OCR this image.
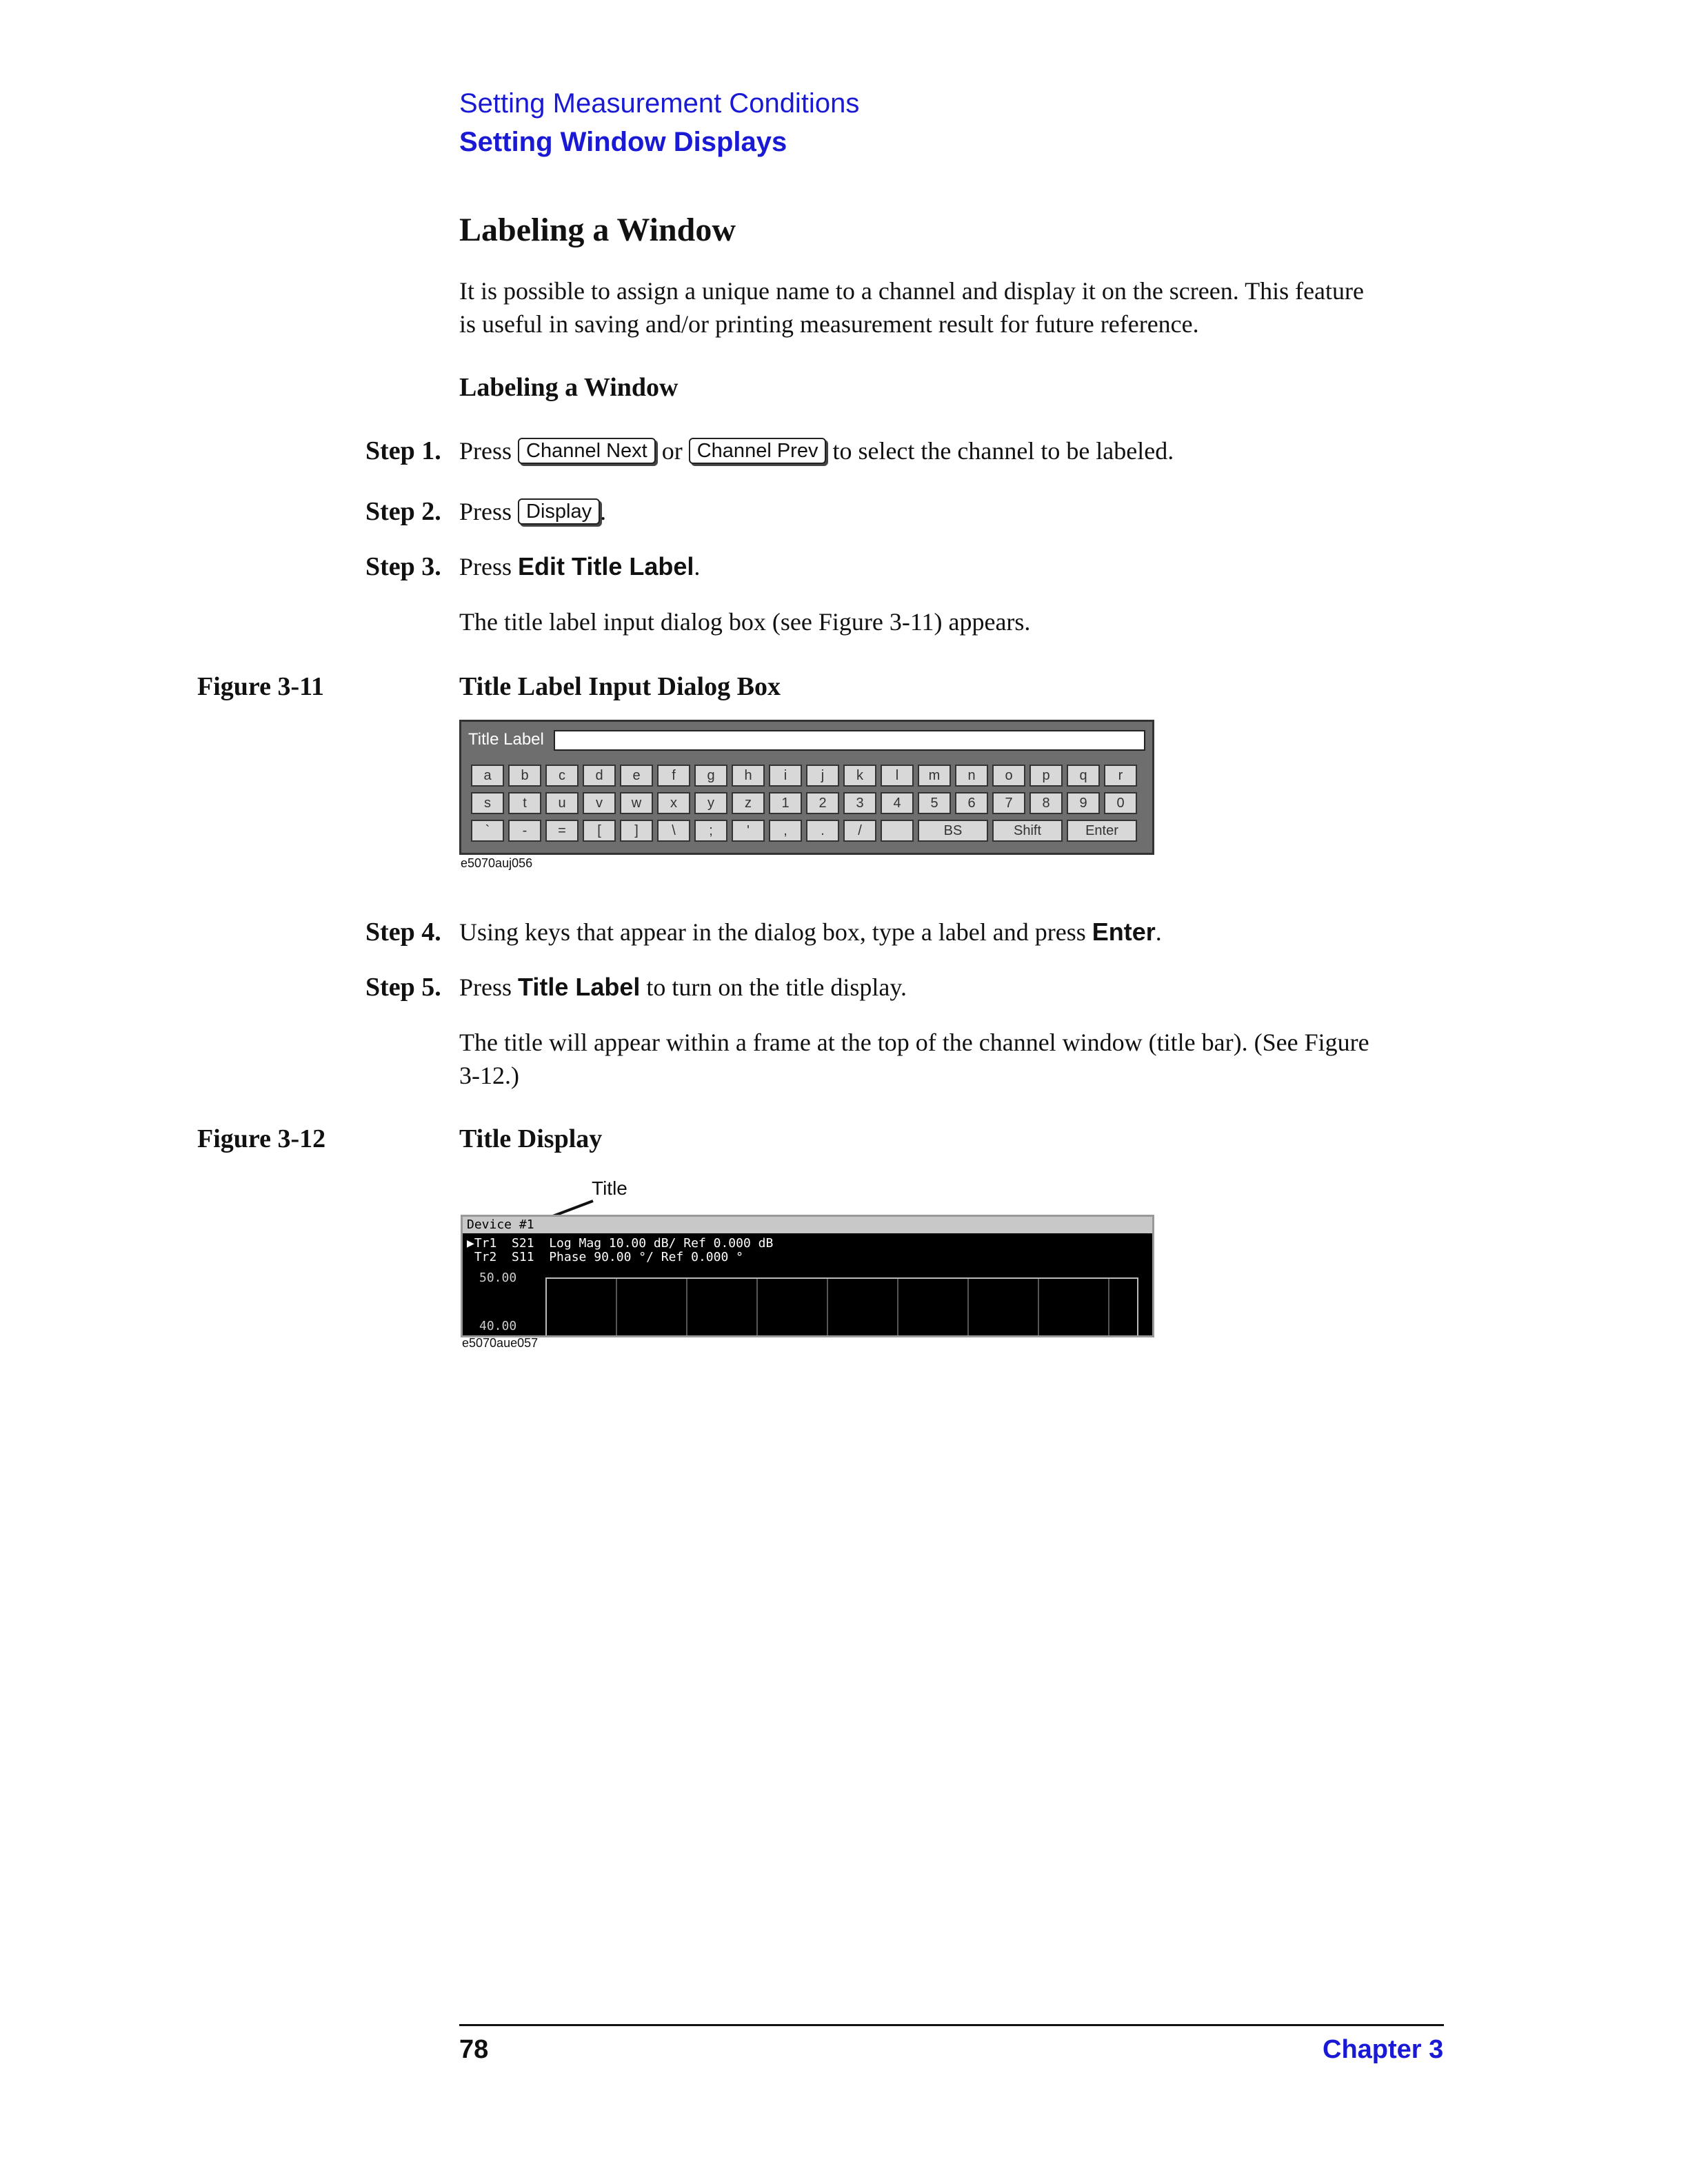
Setting Measurement Conditions
Setting Window Displays
Labeling a Window
It is possible to assign a unique name to a channel and display it on the screen. This feature
is useful in saving and/or printing measurement result for future reference.
Labeling a Window
Step 1. Press Channel Next or Channel Prev to select the channel to be labeled.
Step 2. Press Display .
Step 3. Press Edit Title Label.
The title label input dialog box (see Figure 3-11) appears.
Figure 3-11	Title Label Input Dialog Box
Title Label
a	b	c	d	e	f	g	h	i	j	k	l	m	n	o	p	q	r
s	t	u	v	w	x	y	z	1	2	3	4	5	6	7	8	9	0
`	-	=	[	]	\	;	'	,	.	/	BS	Shift	Enter
e5070auj056
Step 4. Using keys that appear in the dialog box, type a label and press Enter.
Step 5. Press Title Label to turn on the title display.
The title will appear within a frame at the top of the channel window (title bar). (See Figure
3-12.)
Figure 3-12	Title Display
Title
Device #1
▶Tr1  S21  Log Mag 10.00 dB/ Ref 0.000 dB
Tr2  S11  Phase 90.00 °/ Ref 0.000 °
50.00
40.00
e5070aue057
78	Chapter 3
